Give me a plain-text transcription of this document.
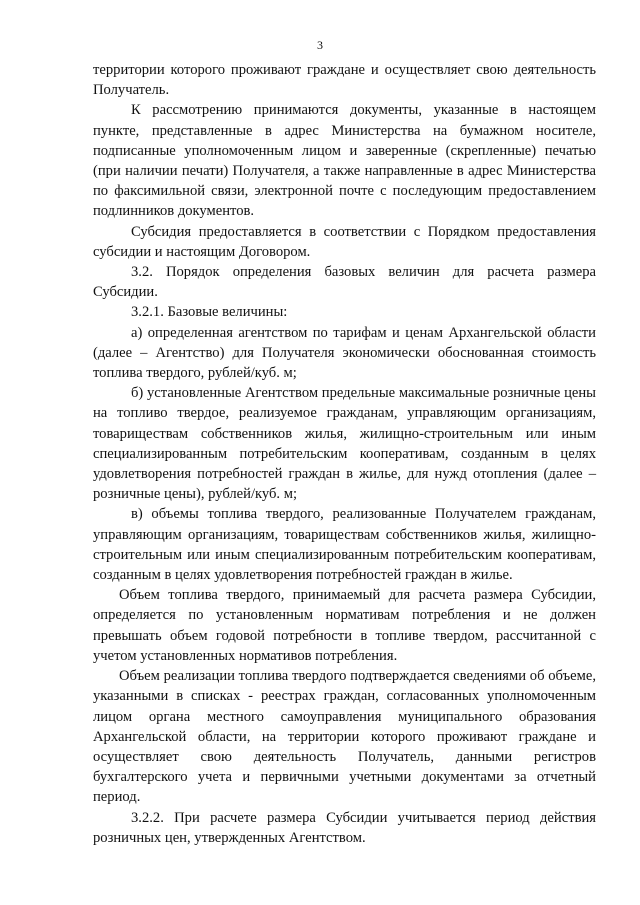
3

территории которого проживают граждане и осуществляет свою деятельность Получатель.

К рассмотрению принимаются документы, указанные в настоящем пункте, представленные в адрес Министерства на бумажном носителе, подписанные уполномоченным лицом и заверенные (скрепленные) печатью (при наличии печати) Получателя, а также направленные в адрес Министерства по факсимильной связи, электронной почте с последующим предоставлением подлинников документов.

Субсидия предоставляется в соответствии с Порядком предоставления субсидии и настоящим Договором.

3.2. Порядок определения базовых величин для расчета размера Субсидии.

3.2.1. Базовые величины:

а) определенная агентством по тарифам и ценам Архангельской области (далее – Агентство) для Получателя экономически обоснованная стоимость топлива твердого, рублей/куб. м;

б) установленные Агентством предельные максимальные розничные цены на топливо твердое, реализуемое гражданам, управляющим организациям, товариществам собственников жилья, жилищно-строительным или иным специализированным потребительским кооперативам, созданным в целях удовлетворения потребностей граждан в жилье, для нужд отопления (далее – розничные цены), рублей/куб. м;

в) объемы топлива твердого, реализованные Получателем гражданам, управляющим организациям, товариществам собственников жилья, жилищно-строительным или иным специализированным потребительским кооперативам, созданным в целях удовлетворения потребностей граждан в жилье.

Объем топлива твердого, принимаемый для расчета размера Субсидии, определяется по установленным нормативам потребления и не должен превышать объем годовой потребности в топливе твердом, рассчитанной с учетом установленных нормативов потребления.

Объем реализации топлива твердого подтверждается сведениями об объеме, указанными в списках - реестрах граждан, согласованных уполномоченным лицом органа местного самоуправления муниципального образования Архангельской области, на территории которого проживают граждане и осуществляет свою деятельность Получатель, данными регистров бухгалтерского учета и первичными учетными документами за отчетный период.

3.2.2. При расчете размера Субсидии учитывается период действия розничных цен, утвержденных Агентством.
